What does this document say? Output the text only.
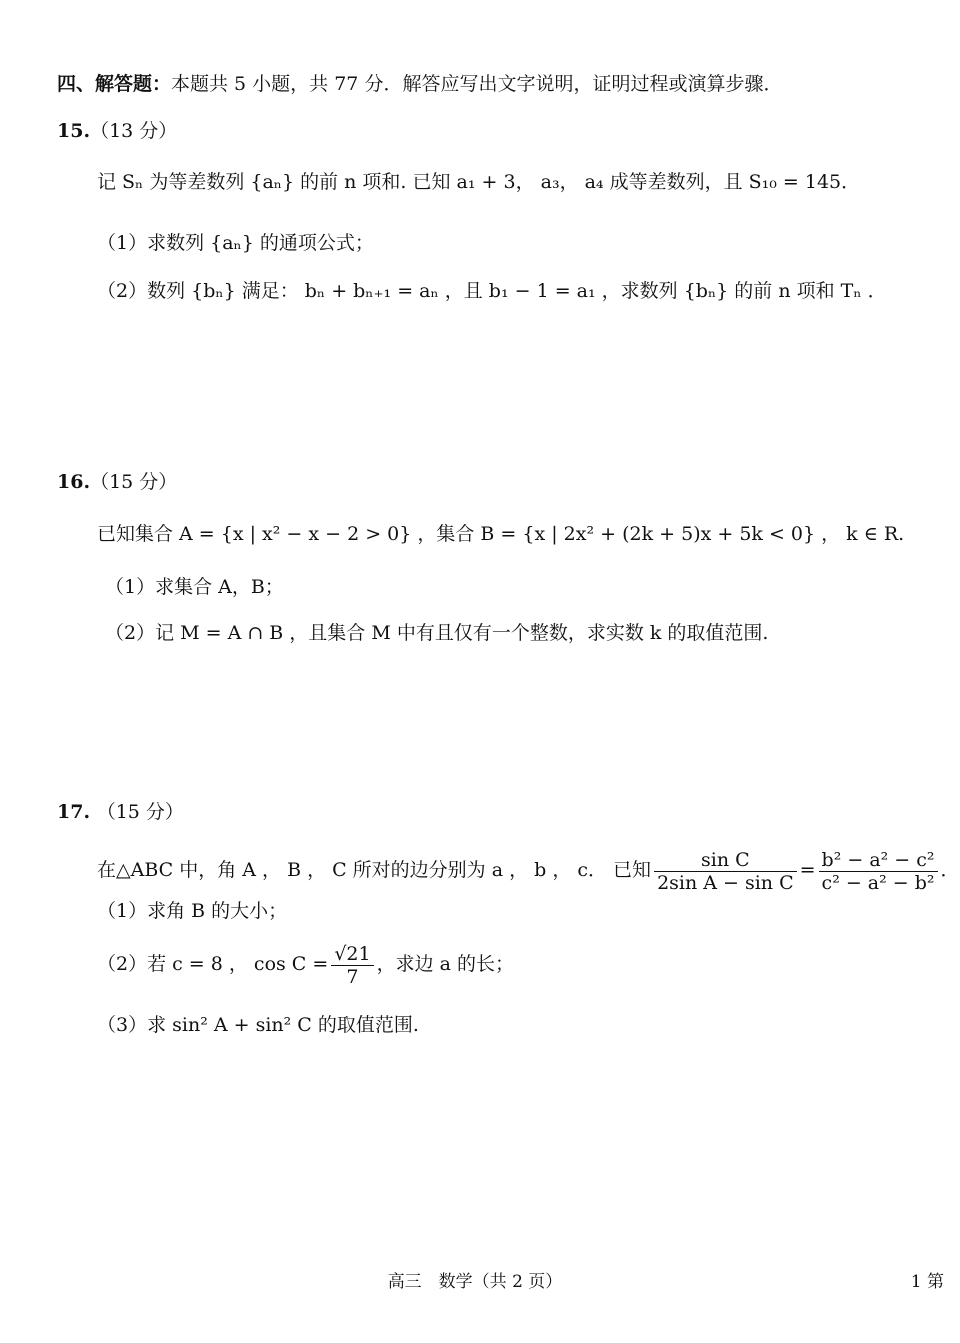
四、解答题：本题共 5 小题，共 77 分．解答应写出文字说明，证明过程或演算步骤．
15.（13 分）
记 Sₙ 为等差数列 {aₙ} 的前 n 项和. 已知 a₁ + 3， a₃， a₄ 成等差数列，且 S₁₀ = 145．
（1）求数列 {aₙ} 的通项公式；
（2）数列 {bₙ} 满足： bₙ + bₙ₊₁ = aₙ ，且 b₁ − 1 = a₁ ，求数列 {bₙ} 的前 n 项和 Tₙ ．
16.（15 分）
已知集合 A = {x | x² − x − 2 > 0} ，集合 B = {x | 2x² + (2k + 5)x + 5k < 0} ， k ∈ R.
（1）求集合 A，B；
（2）记 M = A ∩ B ，且集合 M 中有且仅有一个整数，求实数 k 的取值范围.
17. （15 分）
在△ABC 中，角 A ， B ， C 所对的边分别为 a ， b ， c． 已知 $\frac{\text{sin C}}{\text{2sin A − sin C}} = \frac{\text{b² − a² − c²}}{\text{c² − a² − b²}}$ ．
（1）求角 B 的大小；
（2）若 c = 8 ， $\cos C = \frac{√21}{7}$ ，求边 a 的长；
（3）求 sin² A + sin² C 的取值范围.
高三　数学（共 2 页）	1 第
